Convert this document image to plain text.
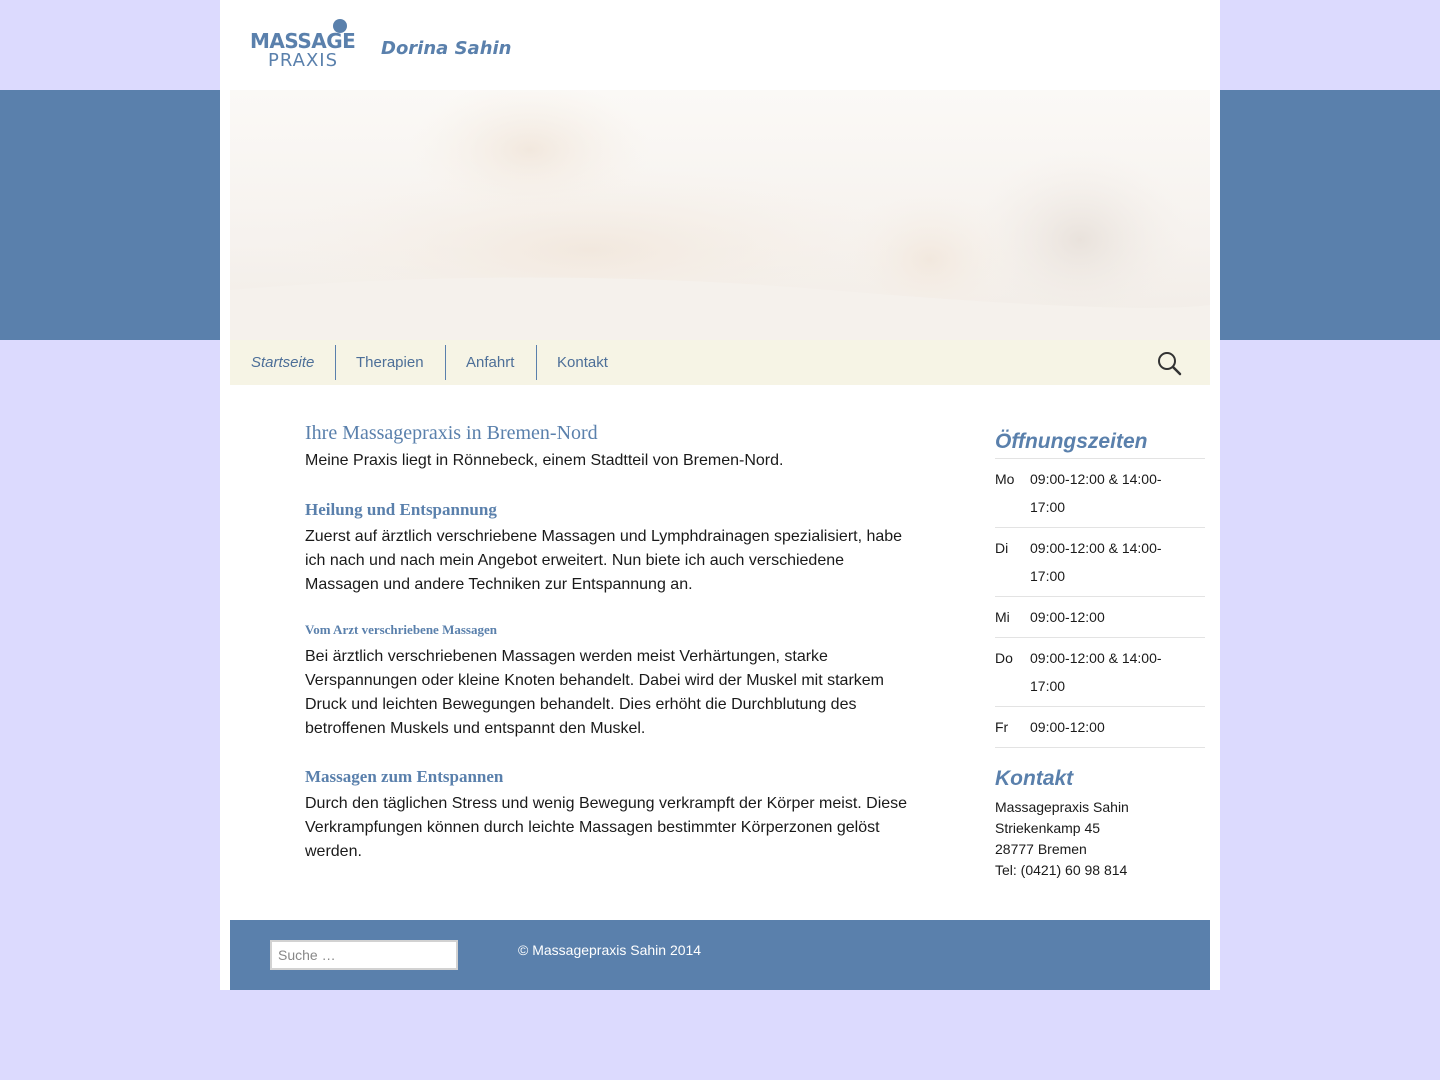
MASSAGE
PRAXIS
Dorina Sahin
Startseite	Therapien	Anfahrt	Kontakt
Ihre Massagepraxis in Bremen-Nord

Meine Praxis liegt in Rönnebeck, einem Stadtteil von Bremen-Nord.

Heilung und Entspannung

Zuerst auf ärztlich verschriebene Massagen und Lymphdrainagen spezialisiert, habe ich nach und nach mein Angebot erweitert. Nun biete ich auch verschiedene Massagen und andere Techniken zur Entspannung an.

Vom Arzt verschriebene Massagen

Bei ärztlich verschriebenen Massagen werden meist Verhärtungen, starke Verspannungen oder kleine Knoten behandelt. Dabei wird der Muskel mit starkem Druck und leichten Bewegungen behandelt. Dies erhöht die Durchblutung des betroffenen Muskels und entspannt den Muskel.

Massagen zum Entspannen

Durch den täglichen Stress und wenig Bewegung verkrampft der Körper meist. Diese Verkrampfungen können durch leichte Massagen bestimmter Körperzonen gelöst werden.

Öffnungszeiten
Mo	09:00-12:00 & 14:00-17:00
Di	09:00-12:00 & 14:00-17:00
Mi	09:00-12:00
Do	09:00-12:00 & 14:00-17:00
Fr	09:00-12:00
Kontakt
Massagepraxis Sahin
Striekenkamp 45
28777 Bremen
Tel: (0421) 60 98 814
Suche …
© Massagepraxis Sahin 2014
